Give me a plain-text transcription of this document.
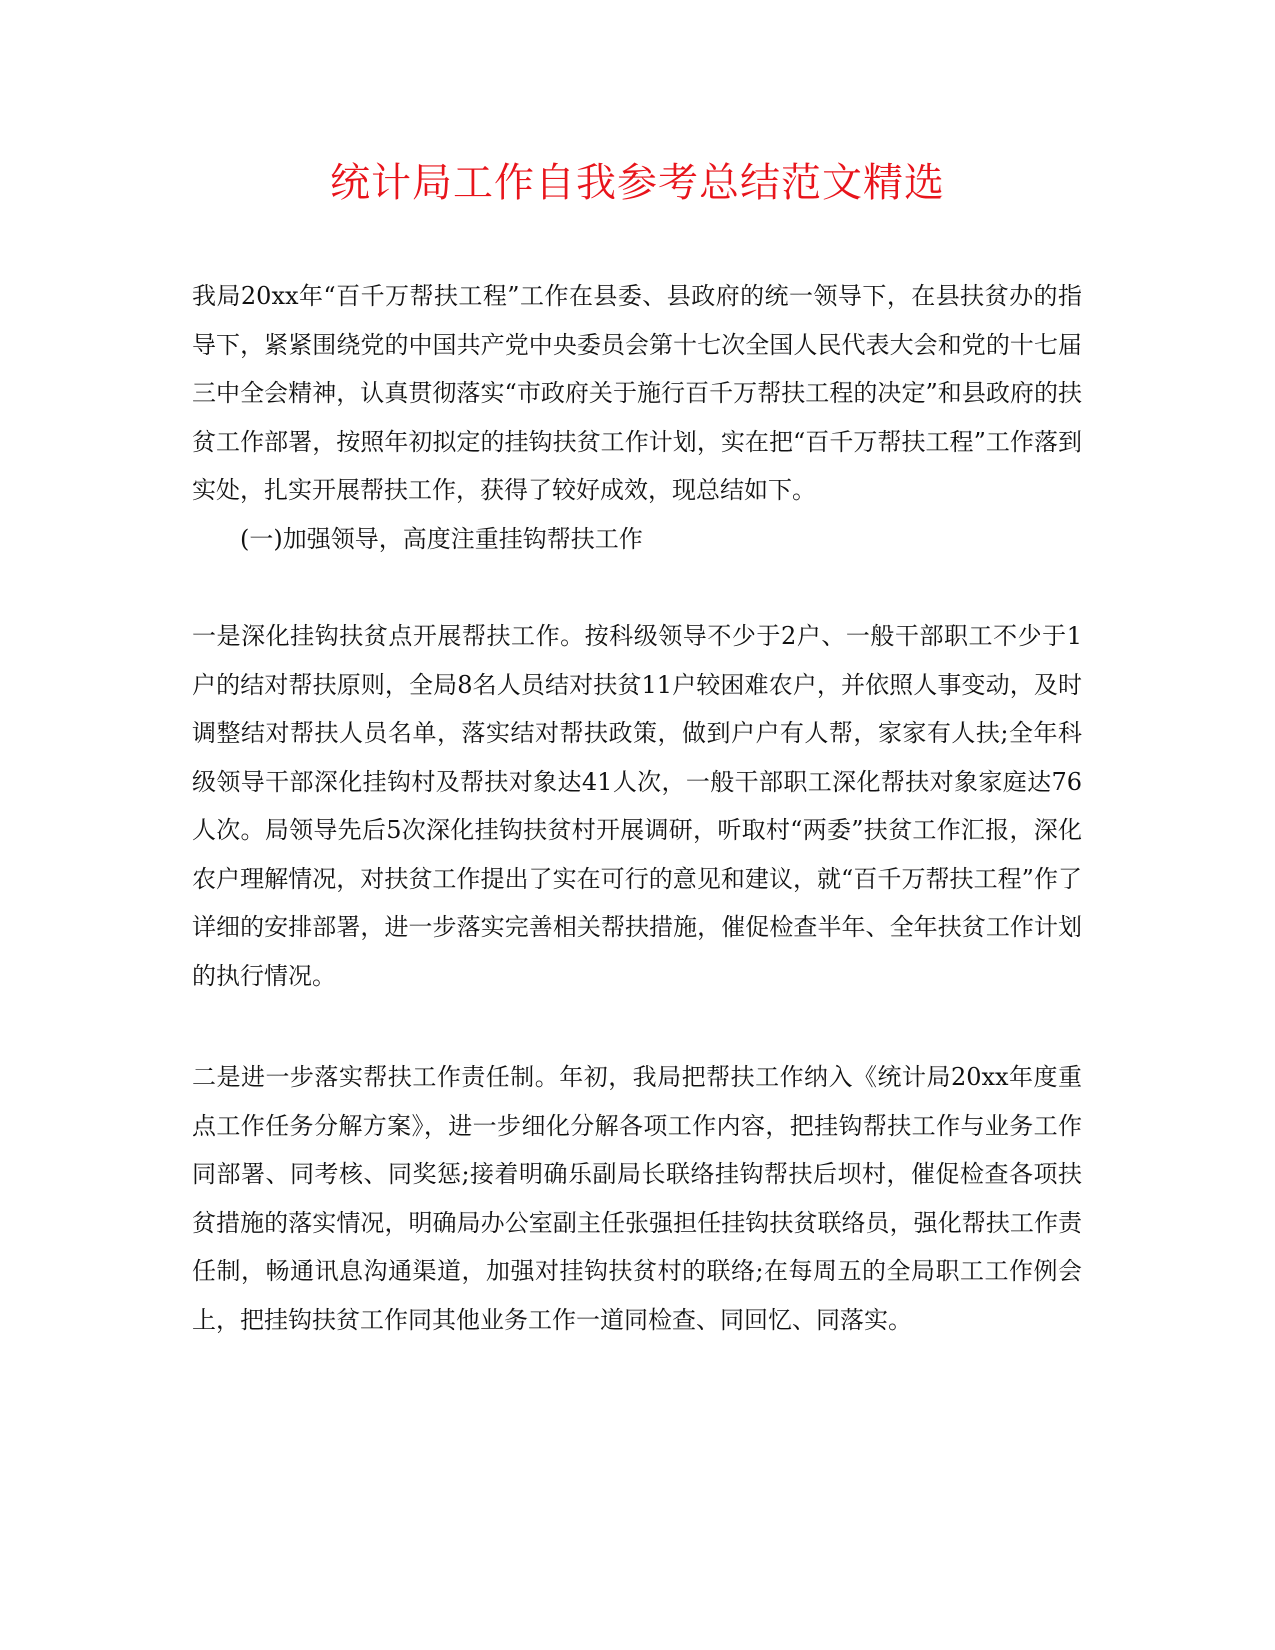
统计局工作自我参考总结范文精选

我局20xx年“百千万帮扶工程”工作在县委、县政府的统一领导下，在县扶贫办的指导下，紧紧围绕党的中国共产党中央委员会第十七次全国人民代表大会和党的十七届三中全会精神，认真贯彻落实“市政府关于施行百千万帮扶工程的决定”和县政府的扶贫工作部署，按照年初拟定的挂钩扶贫工作计划，实在把“百千万帮扶工程”工作落到实处，扎实开展帮扶工作，获得了较好成效，现总结如下。

(一)加强领导，高度注重挂钩帮扶工作

一是深化挂钩扶贫点开展帮扶工作。按科级领导不少于2户、一般干部职工不少于1户的结对帮扶原则，全局8名人员结对扶贫11户较困难农户，并依照人事变动，及时调整结对帮扶人员名单，落实结对帮扶政策，做到户户有人帮，家家有人扶;全年科级领导干部深化挂钩村及帮扶对象达41人次，一般干部职工深化帮扶对象家庭达76人次。局领导先后5次深化挂钩扶贫村开展调研，听取村“两委”扶贫工作汇报，深化农户理解情况，对扶贫工作提出了实在可行的意见和建议，就“百千万帮扶工程”作了详细的安排部署，进一步落实完善相关帮扶措施，催促检查半年、全年扶贫工作计划的执行情况。

二是进一步落实帮扶工作责任制。年初，我局把帮扶工作纳入《统计局20xx年度重点工作任务分解方案》，进一步细化分解各项工作内容，把挂钩帮扶工作与业务工作同部署、同考核、同奖惩;接着明确乐副局长联络挂钩帮扶后坝村，催促检查各项扶贫措施的落实情况，明确局办公室副主任张强担任挂钩扶贫联络员，强化帮扶工作责任制，畅通讯息沟通渠道，加强对挂钩扶贫村的联络;在每周五的全局职工工作例会上，把挂钩扶贫工作同其他业务工作一道同检查、同回忆、同落实。
